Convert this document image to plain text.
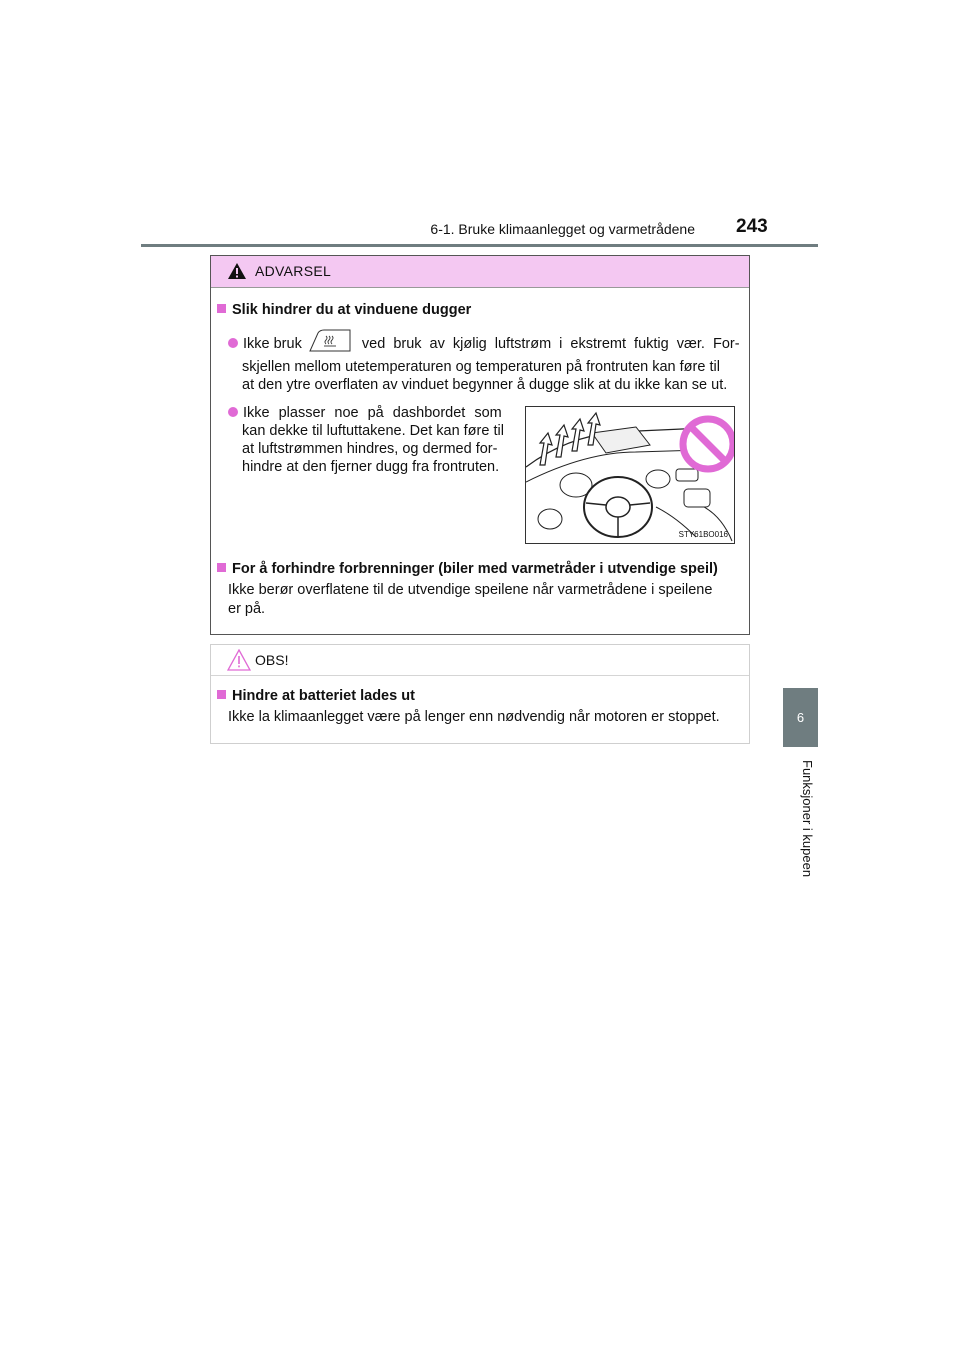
6-1. Bruke klimaanlegget og varmetrådene 243
6
Funksjoner i kupeen
ADVARSEL
Slik hindrer du at vinduene dugger
Ikke bruk	ved bruk av kjølig luftstrøm i ekstremt fuktig vær. For-
skjellen mellom utetemperaturen og temperaturen på frontruten kan føre til
at den ytre overflaten av vinduet begynner å dugge slik at du ikke kan se ut.
Ikke plasser noe på dashbordet som
kan dekke til luftuttakene. Det kan føre til
at luftstrømmen hindres, og dermed for-
hindre at den fjerner dugg fra frontruten.
STY61BO016
For å forhindre forbrenninger (biler med varmetråder i utvendige speil)
Ikke berør overflatene til de utvendige speilene når varmetrådene i speilene
er på.
OBS!
Hindre at batteriet lades ut
Ikke la klimaanlegget være på lenger enn nødvendig når motoren er stoppet.
